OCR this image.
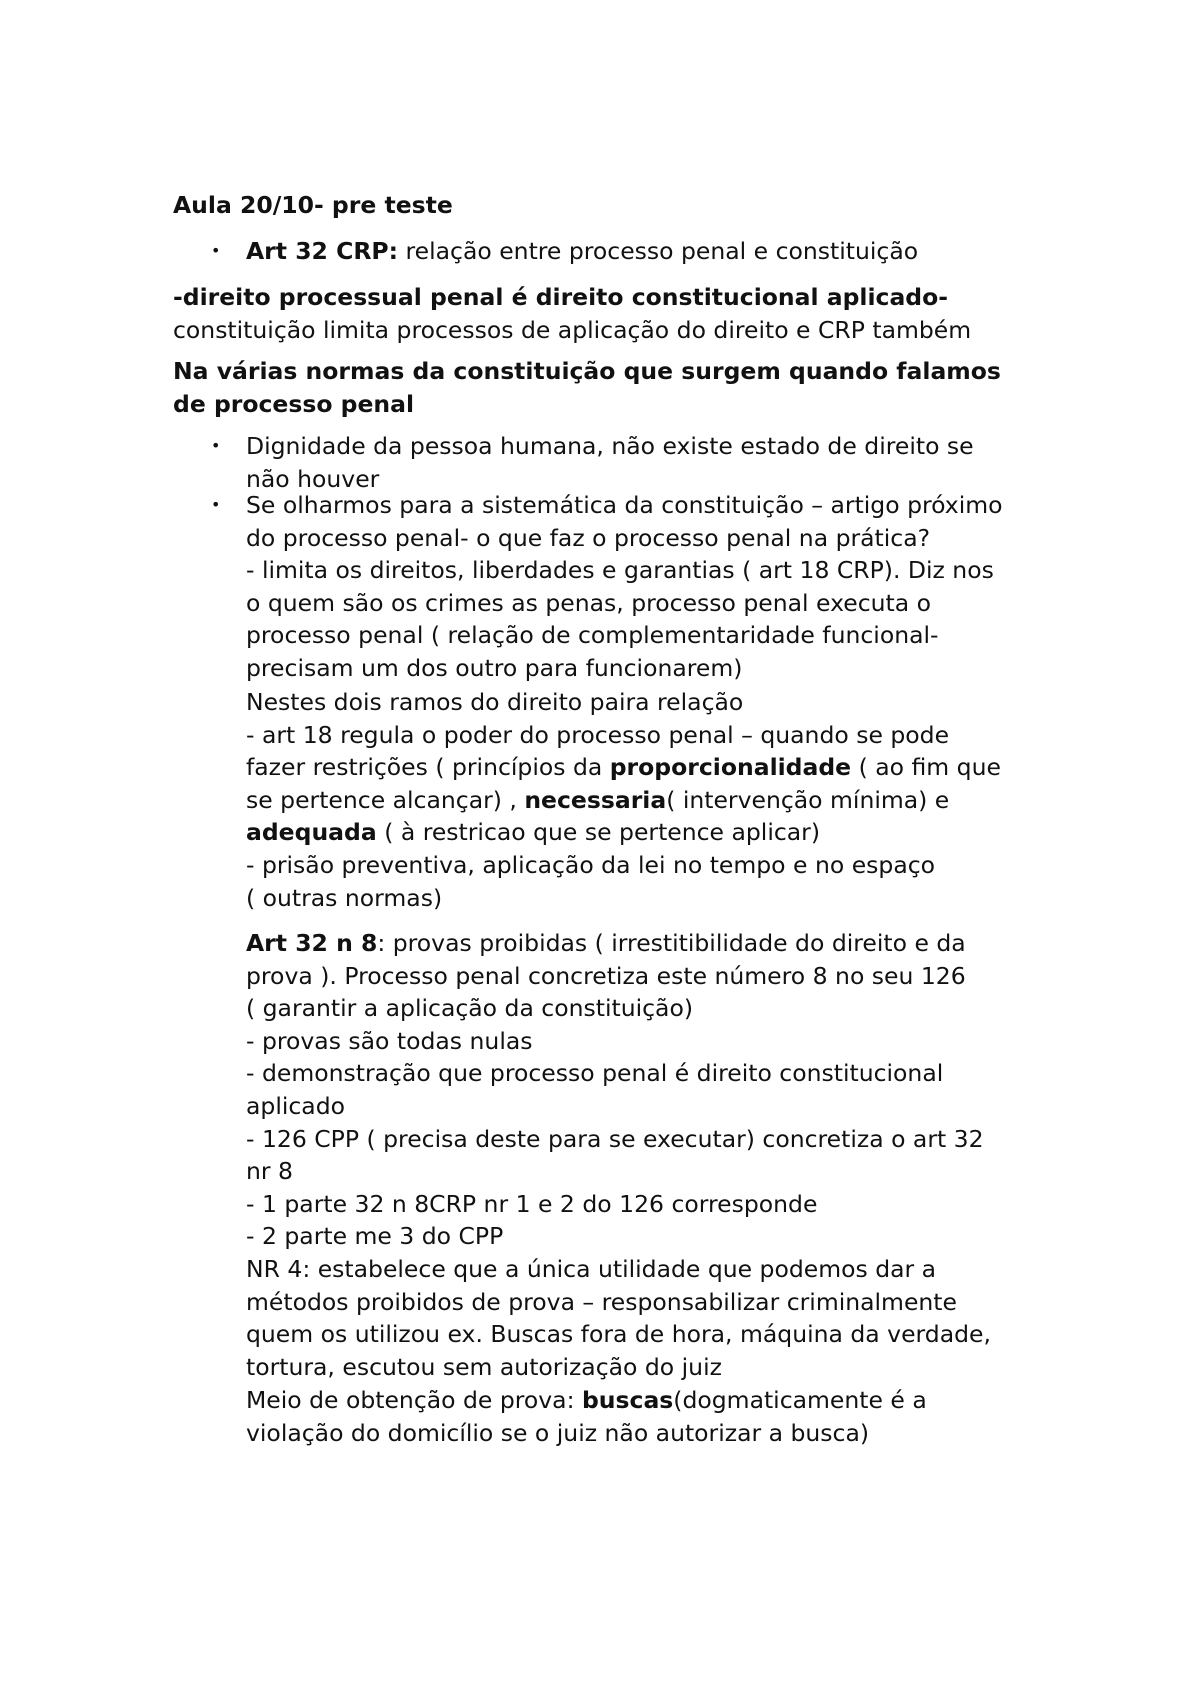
Aula 20/10- pre teste
• Art 32 CRP: relação entre processo penal e constituição
-direito processual penal é direito constitucional aplicado-
constituição limita processos de aplicação do direito e CRP também
Na várias normas da constituição que surgem quando falamos
de processo penal
• Dignidade da pessoa humana, não existe estado de direito se
não houver
• Se olharmos para a sistemática da constituição – artigo próximo
do processo penal- o que faz o processo penal na prática?
- limita os direitos, liberdades e garantias ( art 18 CRP). Diz nos
o quem são os crimes as penas, processo penal executa o
processo penal ( relação de complementaridade funcional-
precisam um dos outro para funcionarem)
Nestes dois ramos do direito paira relação
- art 18 regula o poder do processo penal – quando se pode
fazer restrições ( princípios da proporcionalidade ( ao fim que
se pertence alcançar) , necessaria( intervenção mínima) e
adequada ( à restricao que se pertence aplicar)
- prisão preventiva, aplicação da lei no tempo e no espaço
( outras normas)
Art 32 n 8: provas proibidas ( irrestitibilidade do direito e da
prova ). Processo penal concretiza este número 8 no seu 126
( garantir a aplicação da constituição)
- provas são todas nulas
- demonstração que processo penal é direito constitucional
aplicado
- 126 CPP ( precisa deste para se executar) concretiza o art 32
nr 8
- 1 parte 32 n 8CRP nr 1 e 2 do 126 corresponde
- 2 parte me 3 do CPP
NR 4: estabelece que a única utilidade que podemos dar a
métodos proibidos de prova – responsabilizar criminalmente
quem os utilizou ex. Buscas fora de hora, máquina da verdade,
tortura, escutou sem autorização do juiz
Meio de obtenção de prova: buscas(dogmaticamente é a
violação do domicílio se o juiz não autorizar a busca)
